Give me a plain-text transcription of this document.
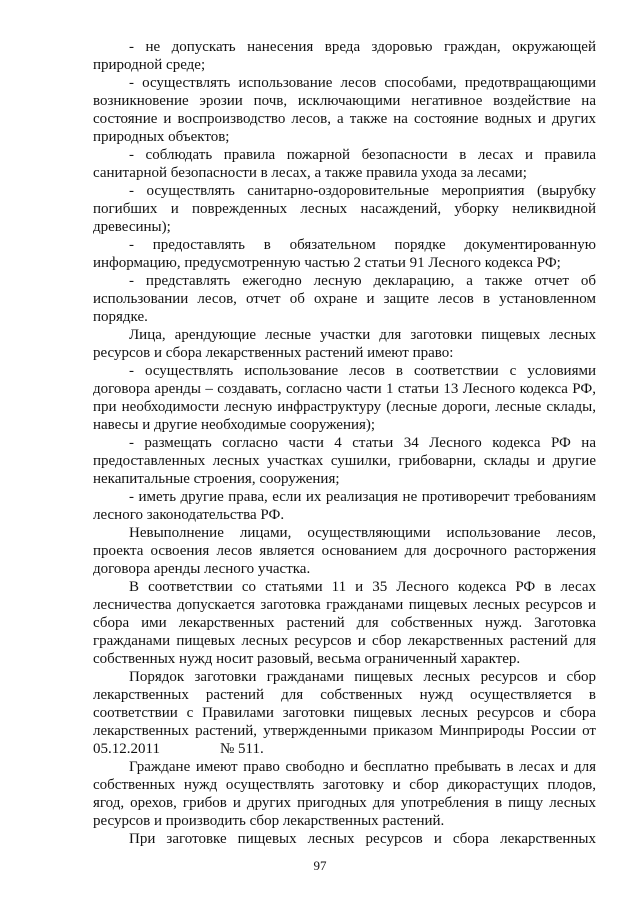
- не допускать нанесения вреда здоровью граждан, окружающей природной среде;

- осуществлять использование лесов способами, предотвращающими возникновение эрозии почв, исключающими негативное воздействие на состояние и воспроизводство лесов, а также на состояние водных и других природных объектов;

- соблюдать правила пожарной безопасности в лесах и правила санитарной безопасности в лесах, а также правила ухода за лесами;

- осуществлять санитарно-оздоровительные мероприятия (вырубку погибших и поврежденных лесных насаждений, уборку неликвидной древесины);

- предоставлять в обязательном порядке документированную информацию, предусмотренную частью 2 статьи 91 Лесного кодекса РФ;

- представлять ежегодно лесную декларацию, а также отчет об использовании лесов, отчет об охране и защите лесов в установленном порядке.

Лица, арендующие лесные участки для заготовки пищевых лесных ресурсов и сбора лекарственных растений имеют право:

- осуществлять использование лесов в соответствии с условиями договора аренды – создавать, согласно части 1 статьи 13 Лесного кодекса РФ, при необходимости лесную инфраструктуру (лесные дороги, лесные склады, навесы и другие необходимые сооружения);

- размещать согласно части 4 статьи 34 Лесного кодекса РФ на предоставленных лесных участках сушилки, грибоварни, склады и другие некапитальные строения, сооружения;

- иметь другие права, если их реализация не противоречит требованиям лесного законодательства РФ.

Невыполнение лицами, осуществляющими использование лесов, проекта освоения лесов является основанием для досрочного расторжения договора аренды лесного участка.

В соответствии со статьями 11 и 35 Лесного кодекса РФ в лесах лесничества допускается заготовка гражданами пищевых лесных ресурсов и сбора ими лекарственных растений для собственных нужд. Заготовка гражданами пищевых лесных ресурсов и сбор лекарственных растений для собственных нужд носит разовый, весьма ограниченный характер.

Порядок заготовки гражданами пищевых лесных ресурсов и сбор лекарственных растений для собственных нужд осуществляется в соответствии с Правилами заготовки пищевых лесных ресурсов и сбора лекарственных растений, утвержденными приказом Минприроды России от 05.12.2011                № 511.

Граждане имеют право свободно и бесплатно пребывать в лесах и для собственных нужд осуществлять заготовку и сбор дикорастущих плодов, ягод, орехов, грибов и других пригодных для употребления в пищу лесных ресурсов и производить сбор лекарственных растений.

При заготовке пищевых лесных ресурсов и сбора лекарственных

97
